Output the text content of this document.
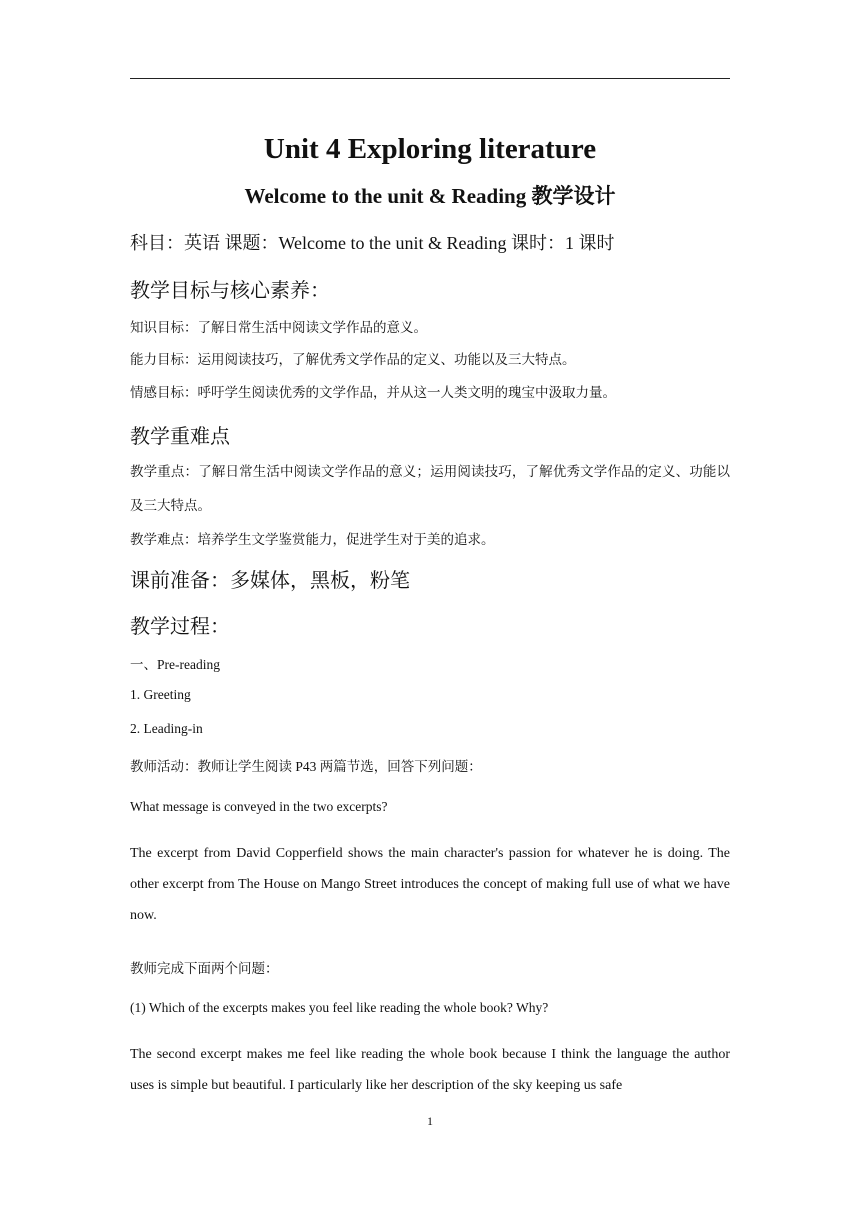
Unit 4 Exploring literature
Welcome to the unit & Reading 教学设计
科目：英语 课题：Welcome to the unit & Reading 课时：1 课时
教学目标与核心素养：
知识目标：了解日常生活中阅读文学作品的意义。
能力目标：运用阅读技巧，了解优秀文学作品的定义、功能以及三大特点。
情感目标：呼吁学生阅读优秀的文学作品，并从这一人类文明的瑰宝中汲取力量。
教学重难点
教学重点：了解日常生活中阅读文学作品的意义；运用阅读技巧，了解优秀文学作品的定义、功能以及三大特点。
教学难点：培养学生文学鉴赏能力，促进学生对于美的追求。
课前准备：多媒体，黑板，粉笔
教学过程：
一、Pre-reading
1. Greeting
2. Leading-in
教师活动：教师让学生阅读 P43 两篇节选，回答下列问题：
What message is conveyed in the two excerpts?
The excerpt from David Copperfield shows the main character's passion for whatever he is doing. The other excerpt from The House on Mango Street introduces the concept of making full use of what we have now.
教师完成下面两个问题：
(1) Which of the excerpts makes you feel like reading the whole book? Why?
The second excerpt makes me feel like reading the whole book because I think the language the author uses is simple but beautiful. I particularly like her description of the sky keeping us safe
1
